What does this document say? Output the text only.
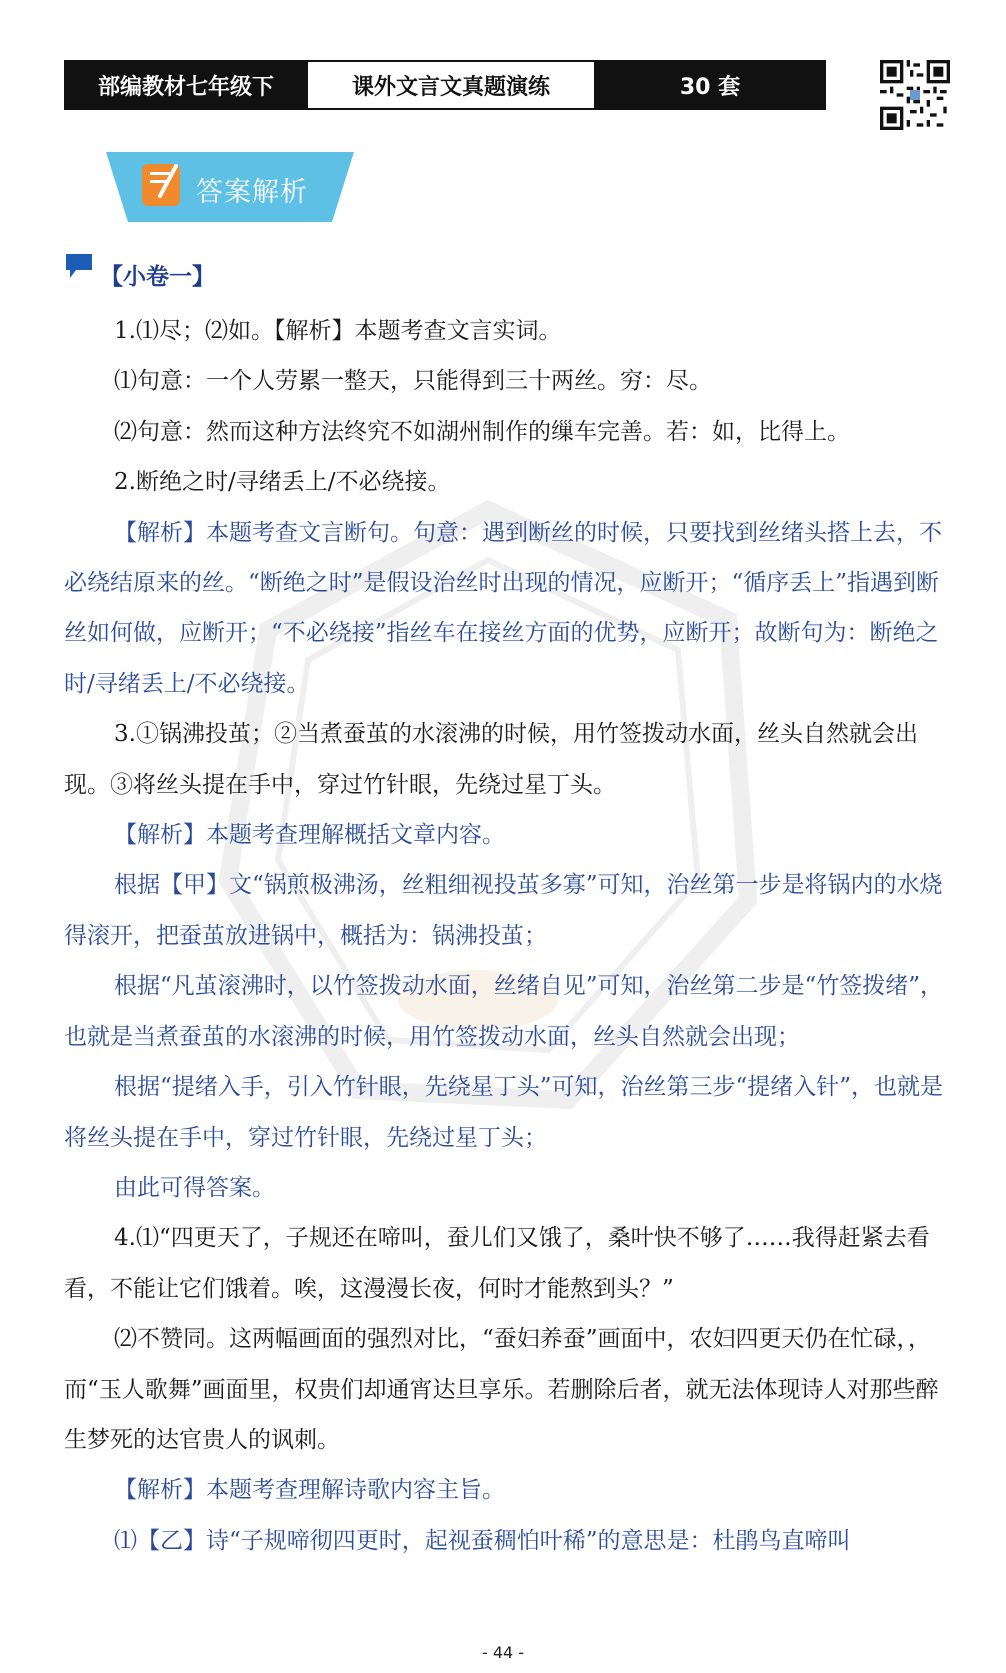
部编教材七年级下	课外文言文真题演练	30 套
答案解析
【小卷一】

1.⑴尽；⑵如。【解析】本题考查文言实词。

⑴句意：一个人劳累一整天，只能得到三十两丝。穷：尽。

⑵句意：然而这种方法终究不如湖州制作的缫车完善。若：如，比得上。

2.断绝之时/寻绪丢上/不必绕接。

【解析】本题考查文言断句。句意：遇到断丝的时候，只要找到丝绪头搭上去，不必绕结原来的丝。“断绝之时”是假设治丝时出现的情况，应断开；“循序丢上”指遇到断丝如何做，应断开；“不必绕接”指丝车在接丝方面的优势，应断开；故断句为：断绝之时/寻绪丢上/不必绕接。

3.①锅沸投茧；②当煮蚕茧的水滚沸的时候，用竹签拨动水面，丝头自然就会出现。③将丝头提在手中，穿过竹针眼，先绕过星丁头。

【解析】本题考查理解概括文章内容。

根据【甲】文“锅煎极沸汤，丝粗细视投茧多寡”可知，治丝第一步是将锅内的水烧得滚开，把蚕茧放进锅中，概括为：锅沸投茧；

根据“凡茧滚沸时，以竹签拨动水面，丝绪自见”可知，治丝第二步是“竹签拨绪”，也就是当煮蚕茧的水滚沸的时候，用竹签拨动水面，丝头自然就会出现；

根据“提绪入手，引入竹针眼，先绕星丁头”可知，治丝第三步“提绪入针”，也就是将丝头提在手中，穿过竹针眼，先绕过星丁头；

由此可得答案。

4.⑴“四更天了，子规还在啼叫，蚕儿们又饿了，桑叶快不够了……我得赶紧去看看，不能让它们饿着。唉，这漫漫长夜，何时才能熬到头？”

⑵不赞同。这两幅画面的强烈对比，“蚕妇养蚕”画面中，农妇四更天仍在忙碌，，而“玉人歌舞”画面里，权贵们却通宵达旦享乐。若删除后者，就无法体现诗人对那些醉生梦死的达官贵人的讽刺。

【解析】本题考查理解诗歌内容主旨。

⑴【乙】诗“子规啼彻四更时，起视蚕稠怕叶稀”的意思是：杜鹃鸟直啼叫

- 44 -
